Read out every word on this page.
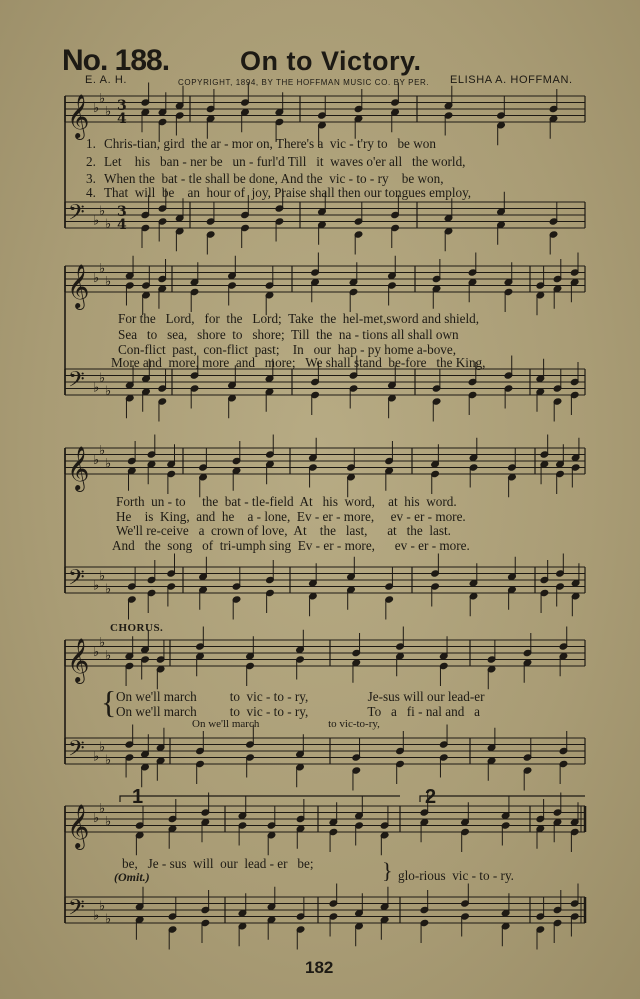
No. 188.	On to Victory.
E. A. H.	COPYRIGHT, 1894, BY THE HOFFMAN MUSIC CO. BY PER. ELISHA A. HOFFMAN.
𝄞
𝄢
♭
♭
♭
♭
♭
♭
3
4
3
4
𝄞
𝄢
♭
♭
♭
♭
♭
♭
𝄞
𝄢
♭
♭
♭
♭
♭
♭
𝄞
𝄢
♭
♭
♭
♭
♭
♭
𝄞
𝄢
♭
♭
♭
♭
♭
♭
1. Chris-tian, gird  the ar - mor on, There's a  vic - t'ry to   be won
2. Let    his   ban - ner be   un - furl'd Till   it  waves o'er all   the world,
3. When the  bat - tle shall be done, And the  vic - to - ry    be won,
4. That  will  be    an  hour of  joy, Praise shall then our tongues employ,
For the   Lord,   for  the   Lord;  Take  the  hel-met,sword and shield,
Sea   to   sea,   shore  to   shore;  Till  the  na - tions all shall own
Con-flict  past,  con-flict  past;    In   our  hap - py home a-bove,
More and  more, more  and   more;   We shall stand  be-fore   the King,
Forth  un - to     the  bat - tle-field  At   his  word,    at  his  word.
He    is  King,  and  he    a - lone,  Ev - er - more,     ev - er - more.
We'll re-ceive   a  crown of love,  At    the   last,      at   the  last.
And   the  song   of  tri-umph sing  Ev - er - more,      ev - er - more.
CHORUS.
{ On we'll march          to  vic - to - ry,                  Je-sus will our lead-er
On we'll march          to  vic - to - ry,                  To   a   fi - nal and   a
On we'll march                         to vic-to-ry,
1	2
be,   Je - sus  will  our  lead - er   be;
(Omit.)	} glo-rious  vic - to - ry.
182
